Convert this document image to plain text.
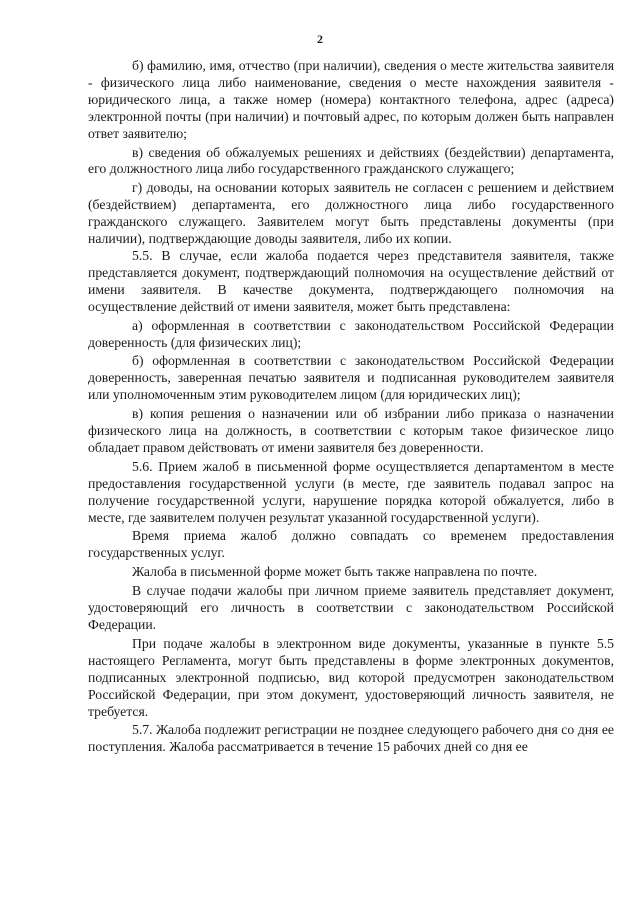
2

б) фамилию, имя, отчество (при наличии), сведения о месте жительства заявителя - физического лица либо наименование, сведения о месте нахождения заявителя - юридического лица, а также номер (номера) контактного телефона, адрес (адреса) электронной почты (при наличии) и почтовый адрес, по которым должен быть направлен ответ заявителю;

в) сведения об обжалуемых решениях и действиях (бездействии) департамента, его должностного лица либо государственного гражданского служащего;

г) доводы, на основании которых заявитель не согласен с решением и действием (бездействием) департамента, его должностного лица либо государственного гражданского служащего. Заявителем могут быть представлены документы (при наличии), подтверждающие доводы заявителя, либо их копии.

5.5. В случае, если жалоба подается через представителя заявителя, также представляется документ, подтверждающий полномочия на осуществление действий от имени заявителя. В качестве документа, подтверждающего полномочия на осуществление действий от имени заявителя, может быть представлена:

а) оформленная в соответствии с законодательством Российской Федерации доверенность (для физических лиц);

б) оформленная в соответствии с законодательством Российской Федерации доверенность, заверенная печатью заявителя и подписанная руководителем заявителя или уполномоченным этим руководителем лицом (для юридических лиц);

в) копия решения о назначении или об избрании либо приказа о назначении физического лица на должность, в соответствии с которым такое физическое лицо обладает правом действовать от имени заявителя без доверенности.

5.6. Прием жалоб в письменной форме осуществляется департаментом в месте предоставления государственной услуги (в месте, где заявитель подавал запрос на получение государственной услуги, нарушение порядка которой обжалуется, либо в месте, где заявителем получен результат указанной государственной услуги).

Время приема жалоб должно совпадать со временем предоставления государственных услуг.

Жалоба в письменной форме может быть также направлена по почте.

В случае подачи жалобы при личном приеме заявитель представляет документ, удостоверяющий его личность в соответствии с законодательством Российской Федерации.

При подаче жалобы в электронном виде документы, указанные в пункте 5.5 настоящего Регламента, могут быть представлены в форме электронных документов, подписанных электронной подписью, вид которой предусмотрен законодательством Российской Федерации, при этом документ, удостоверяющий личность заявителя, не требуется.

5.7. Жалоба подлежит регистрации не позднее следующего рабочего дня со дня ее поступления. Жалоба рассматривается в течение 15 рабочих дней со дня ее
